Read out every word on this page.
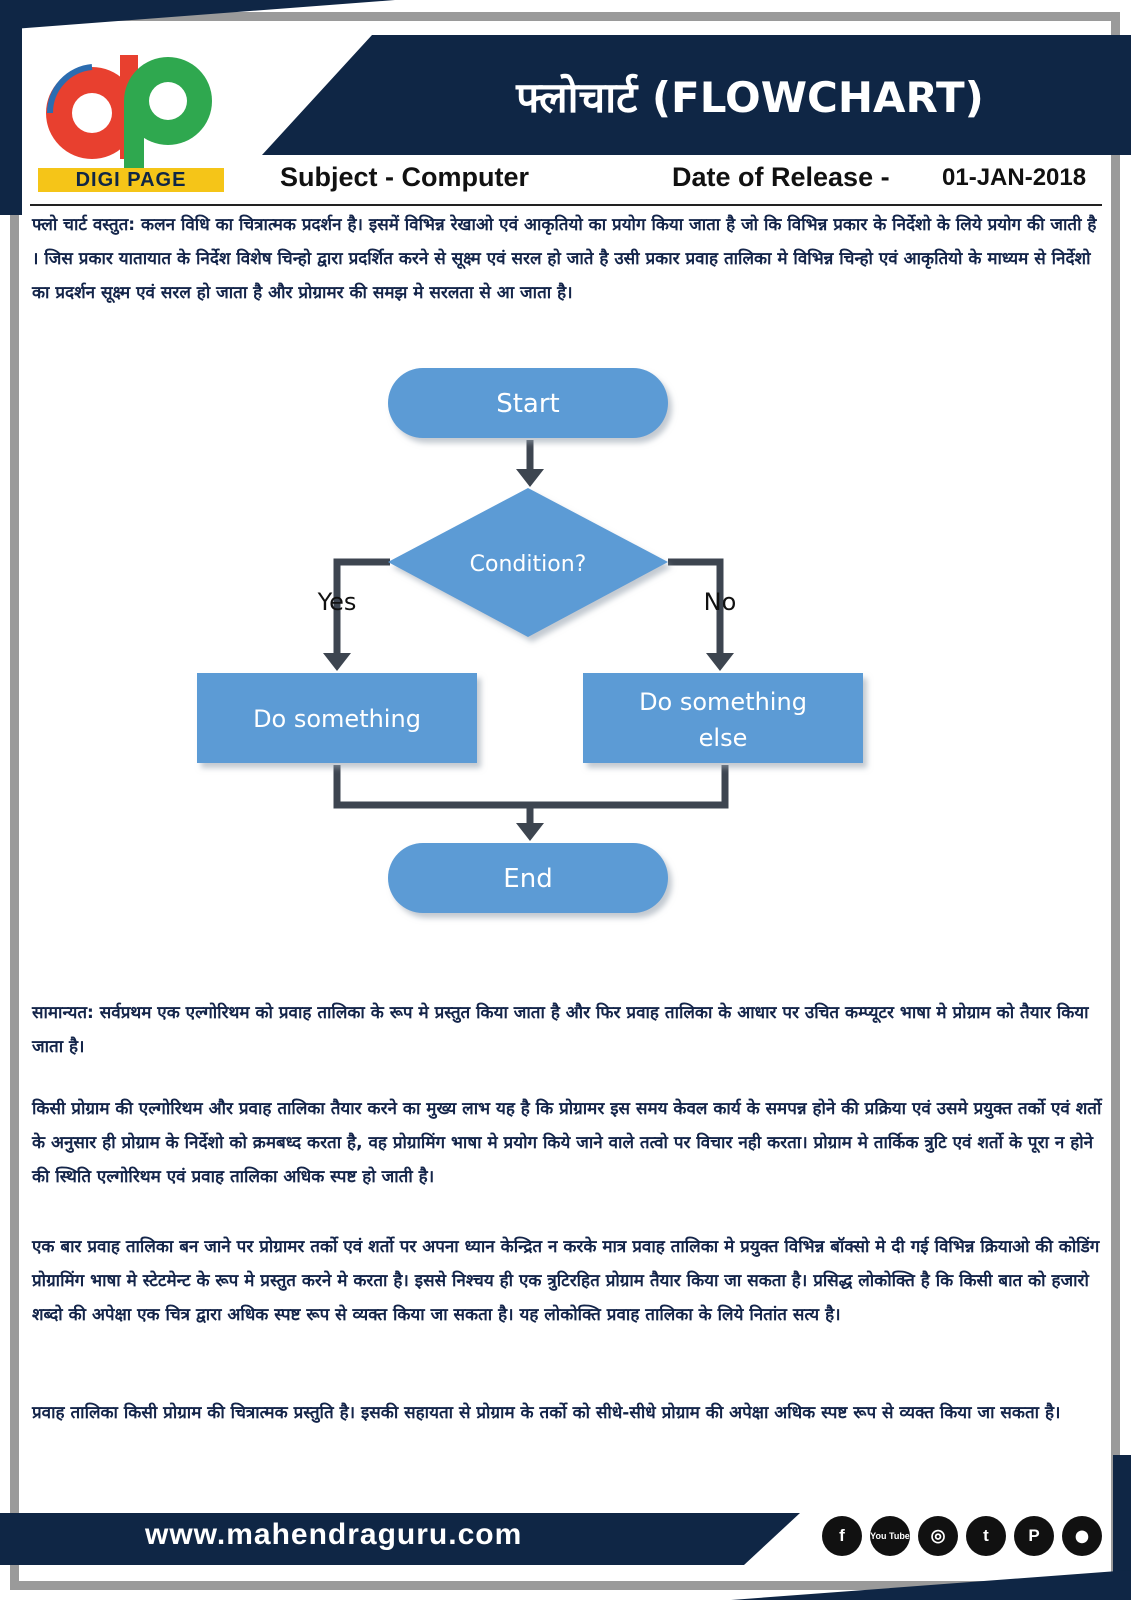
फ्लोचार्ट (FLOWCHART)
DIGI PAGE	Subject - Computer	Date of Release - 01-JAN-2018
फ्लो चार्ट वस्तुत: कलन विधि का चित्रात्मक प्रदर्शन है। इसमें विभिन्न रेखाओ एवं आकृतियो का प्रयोग किया जाता है जो कि विभिन्न प्रकार के निर्देशो के लिये प्रयोग की जाती है । जिस प्रकार यातायात के निर्देश विशेष चिन्हो द्वारा प्रदर्शित करने से सूक्ष्म एवं सरल हो जाते है उसी प्रकार प्रवाह तालिका मे विभिन्न चिन्हो एवं आकृतियो के माध्यम से निर्देशो का प्रदर्शन सूक्ष्म एवं सरल हो जाता है और प्रोग्रामर की समझ मे सरलता से आ जाता है।
Start
Condition?
Yes	No
Do something
Do something
else
End
सामान्यत: सर्वप्रथम एक एल्गोरिथम को प्रवाह तालिका के रूप मे प्रस्तुत किया जाता है और फिर प्रवाह तालिका के आधार पर उचित कम्प्यूटर भाषा मे प्रोग्राम को तैयार किया जाता है।
किसी प्रोग्राम की एल्गोरिथम और प्रवाह तालिका तैयार करने का मुख्य लाभ यह है कि प्रोग्रामर इस समय केवल कार्य के समपन्न होने की प्रक्रिया एवं उसमे प्रयुक्त तर्को एवं शर्तो के अनुसार ही प्रोग्राम के निर्देशो को क्रमबध्द करता है, वह प्रोग्रामिंग भाषा मे प्रयोग किये जाने वाले तत्वो पर विचार नही करता। प्रोग्राम मे तार्किक त्रुटि एवं शर्तो के पूरा न होने की स्थिति एल्गोरिथम एवं प्रवाह तालिका अधिक स्पष्ट हो जाती है।
एक बार प्रवाह तालिका बन जाने पर प्रोग्रामर तर्को एवं शर्तो पर अपना ध्यान केन्द्रित न करके मात्र प्रवाह तालिका मे प्रयुक्त विभिन्न बॉक्सो मे दी गई विभिन्न क्रियाओ की कोडिंग प्रोग्रामिंग भाषा मे स्टेटमेन्ट के रूप मे प्रस्तुत करने मे करता है। इससे निश्चय ही एक त्रुटिरहित प्रोग्राम तैयार किया जा सकता है। प्रसिद्ध लोकोक्ति है कि किसी बात को हजारो शब्दो की अपेक्षा एक चित्र द्वारा अधिक स्पष्ट रूप से व्यक्त किया जा सकता है। यह लोकोक्ति प्रवाह तालिका के लिये नितांत सत्य है।
प्रवाह तालिका किसी प्रोग्राम की चित्रात्मक प्रस्तुति है। इसकी सहायता से प्रोग्राम के तर्को को सीधे-सीधे प्रोग्राम की अपेक्षा अधिक स्पष्ट रूप से व्यक्त किया जा सकता है।
www.mahendraguru.com	f	You Tube	◎	t	P	⬤
